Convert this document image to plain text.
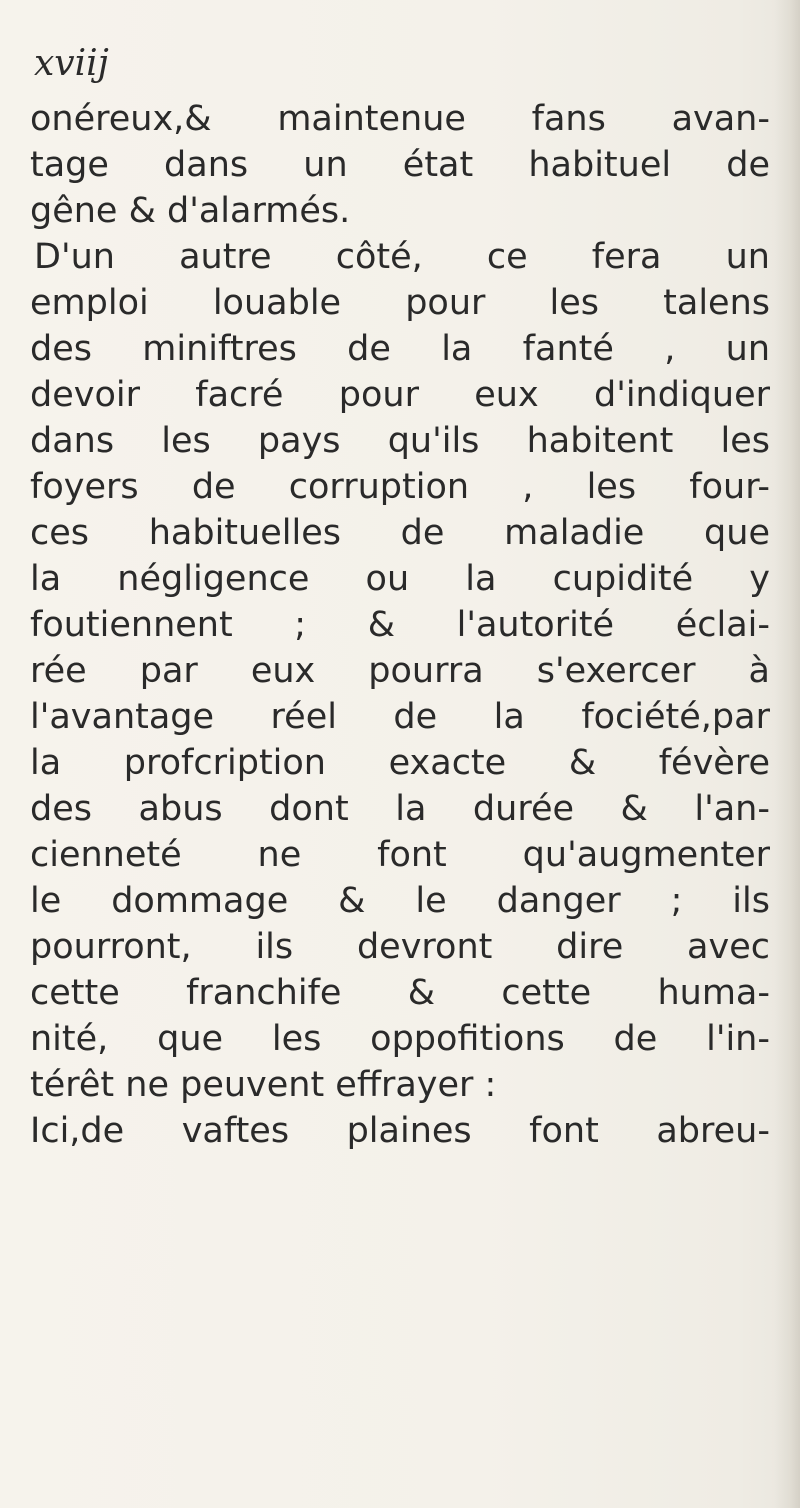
xviij
onéreux,& maintenue fans avan-
tage dans un état habituel de
gêne & d'alarmés.
D'un autre côté, ce fera un
emploi louable pour les talens
des miniftres de la fanté , un
devoir facré pour eux d'indiquer
dans les pays qu'ils habitent les
foyers de corruption , les four-
ces habituelles de maladie que
la négligence ou la cupidité y
foutiennent ; & l'autorité éclai-
rée par eux pourra s'exercer à
l'avantage réel de la fociété,par
la profcription exacte & févère
des abus dont la durée & l'an-
cienneté ne font qu'augmenter
le dommage & le danger ; ils
pourront, ils devront dire avec
cette franchife & cette huma-
nité, que les oppofitions de l'in-
térêt ne peuvent effrayer :
Ici,de vaftes plaines font abreu-
